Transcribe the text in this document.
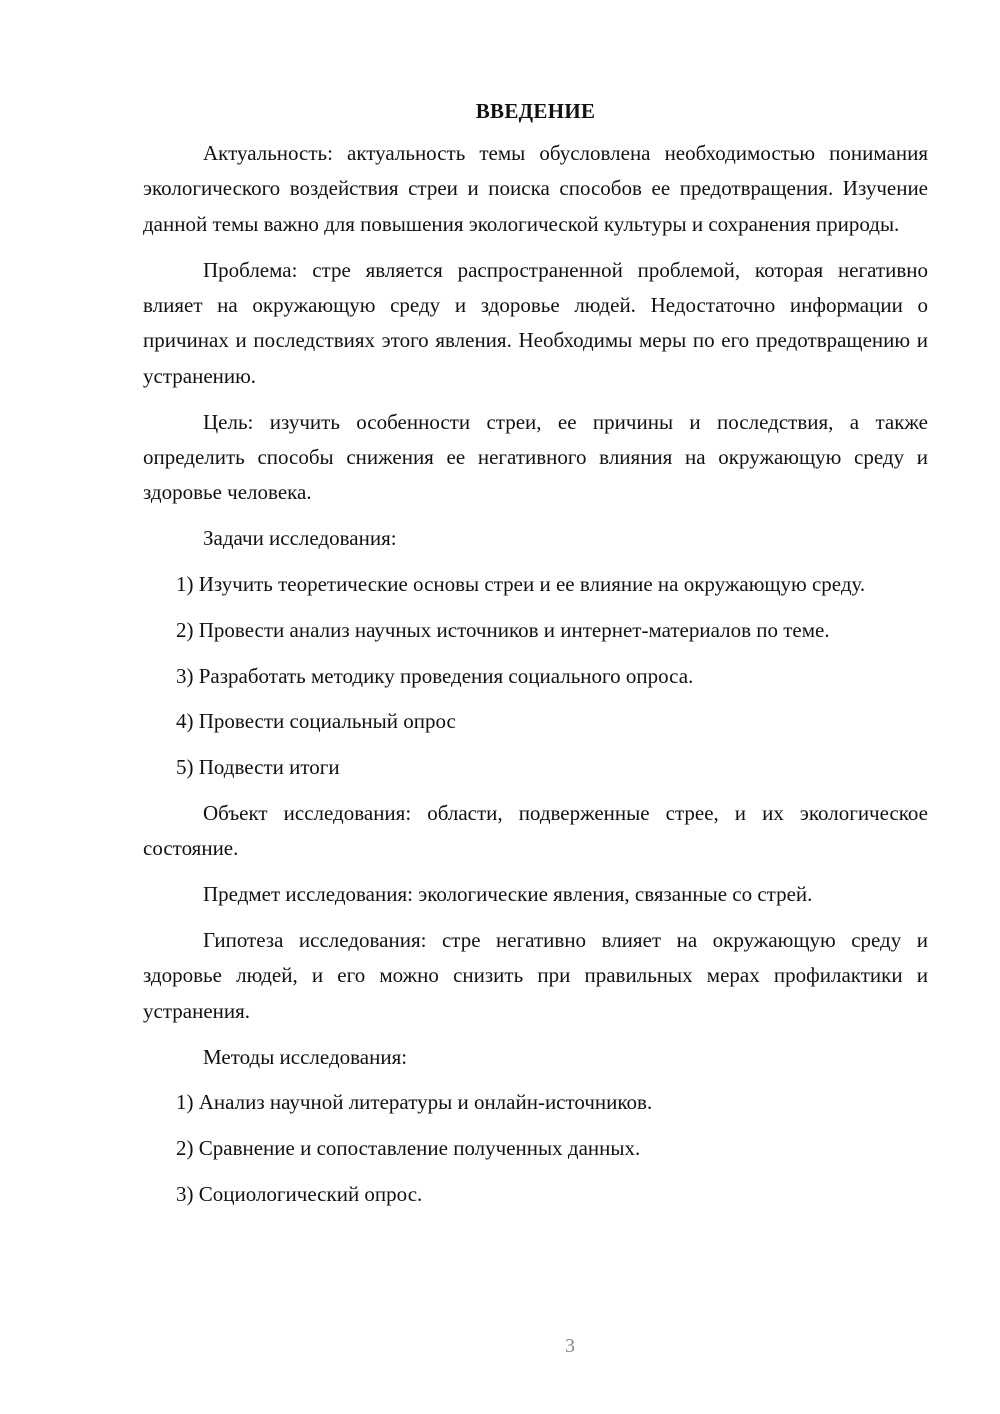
ВВЕДЕНИЕ

Актуальность: актуальность темы обусловлена необходимостью понимания экологического воздействия стреи и поиска способов ее предотвращения. Изучение данной темы важно для повышения экологической культуры и сохранения природы.

Проблема: стре является распространенной проблемой, которая негативно влияет на окружающую среду и здоровье людей. Недостаточно информации о причинах и последствиях этого явления. Необходимы меры по его предотвращению и устранению.

Цель: изучить особенности стреи, ее причины и последствия, а также определить способы снижения ее негативного влияния на окружающую среду и здоровье человека.

Задачи исследования:

1) Изучить теоретические основы стреи и ее влияние на окружающую среду.

2) Провести анализ научных источников и интернет-материалов по теме.

3) Разработать методику проведения социального опроса.

4) Провести социальный опрос

5) Подвести итоги

Объект исследования: области, подверженные стрее, и их экологическое состояние.

Предмет исследования: экологические явления, связанные со стрей.

Гипотеза исследования: стре негативно влияет на окружающую среду и здоровье людей, и его можно снизить при правильных мерах профилактики и устранения.

Методы исследования:

1) Анализ научной литературы и онлайн-источников.

2) Сравнение и сопоставление полученных данных.

3) Социологический опрос.

3
